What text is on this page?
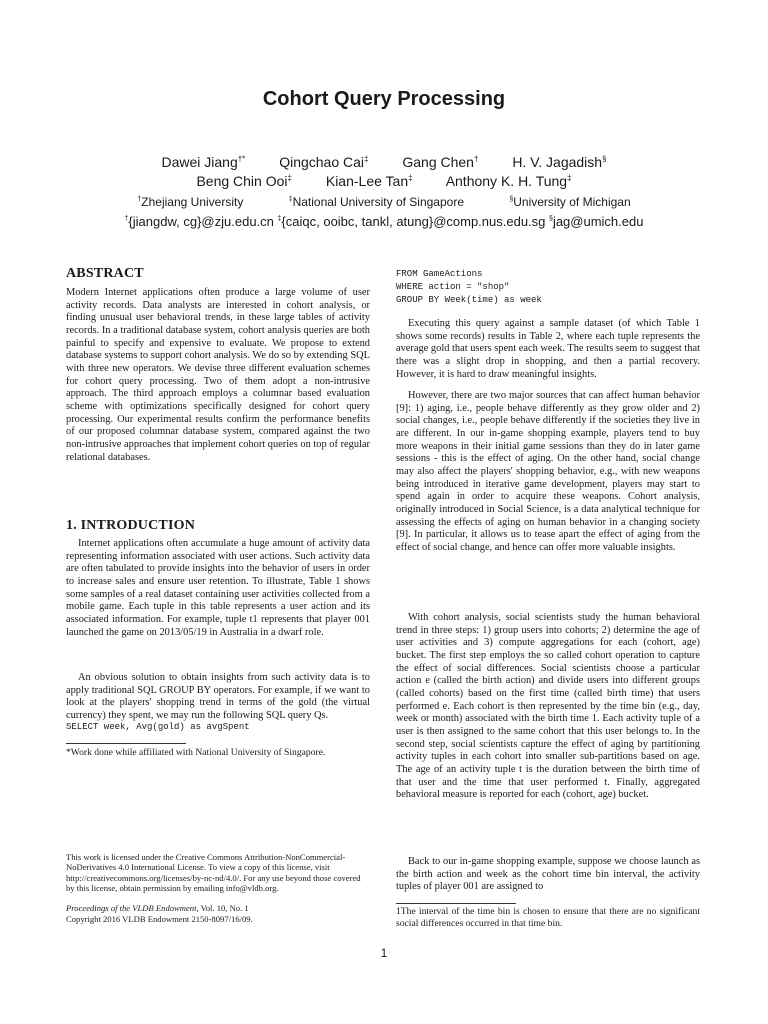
Cohort Query Processing
Dawei Jiang†* Qingchao Cai‡ Gang Chen† H. V. Jagadish§
Beng Chin Ooi‡ Kian-Lee Tan‡ Anthony K. H. Tung‡
†Zhejiang University	‡National University of Singapore	§University of Michigan
†{jiangdw, cg}@zju.edu.cn ‡{caiqc, ooibc, tankl, atung}@comp.nus.edu.sg §jag@umich.edu
ABSTRACT

Modern Internet applications often produce a large volume of user activity records. Data analysts are interested in cohort analysis, or finding unusual user behavioral trends, in these large tables of activity records. In a traditional database system, cohort analysis queries are both painful to specify and expensive to evaluate. We propose to extend database systems to support cohort analysis. We do so by extending SQL with three new operators. We devise three different evaluation schemes for cohort query processing. Two of them adopt a non-intrusive approach. The third approach employs a columnar based evaluation scheme with optimizations specifically designed for cohort query processing. Our experimental results confirm the performance benefits of our proposed columnar database system, compared against the two non-intrusive approaches that implement cohort queries on top of regular relational databases.

1. INTRODUCTION

Internet applications often accumulate a huge amount of activity data representing information associated with user actions. Such activity data are often tabulated to provide insights into the behavior of users in order to increase sales and ensure user retention. To illustrate, Table 1 shows some samples of a real dataset containing user activities collected from a mobile game. Each tuple in this table represents a user action and its associated information. For example, tuple t1 represents that player 001 launched the game on 2013/05/19 in Australia in a dwarf role.

An obvious solution to obtain insights from such activity data is to apply traditional SQL GROUP BY operators. For example, if we want to look at the players' shopping trend in terms of the gold (the virtual currency) they spent, we may run the following SQL query Qs.

SELECT week, Avg(gold) as avgSpent

*Work done while affiliated with National University of Singapore.

This work is licensed under the Creative Commons Attribution-NonCommercial-NoDerivatives 4.0 International License. To view a copy of this license, visit http://creativecommons.org/licenses/by-nc-nd/4.0/. For any use beyond those covered by this license, obtain permission by emailing info@vldb.org.

Proceedings of the VLDB Endowment, Vol. 10, No. 1

Copyright 2016 VLDB Endowment 2150-8097/16/09.

FROM GameActions
WHERE action = "shop"
GROUP BY Week(time) as week

Executing this query against a sample dataset (of which Table 1 shows some records) results in Table 2, where each tuple represents the average gold that users spent each week. The results seem to suggest that there was a slight drop in shopping, and then a partial recovery. However, it is hard to draw meaningful insights.

However, there are two major sources that can affect human behavior [9]: 1) aging, i.e., people behave differently as they grow older and 2) social changes, i.e., people behave differently if the societies they live in are different. In our in-game shopping example, players tend to buy more weapons in their initial game sessions than they do in later game sessions - this is the effect of aging. On the other hand, social change may also affect the players' shopping behavior, e.g., with new weapons being introduced in iterative game development, players may start to spend again in order to acquire these weapons. Cohort analysis, originally introduced in Social Science, is a data analytical technique for assessing the effects of aging on human behavior in a changing society [9]. In particular, it allows us to tease apart the effect of aging from the effect of social change, and hence can offer more valuable insights.

With cohort analysis, social scientists study the human behavioral trend in three steps: 1) group users into cohorts; 2) determine the age of user activities and 3) compute aggregations for each (cohort, age) bucket. The first step employs the so called cohort operation to capture the effect of social differences. Social scientists choose a particular action e (called the birth action) and divide users into different groups (called cohorts) based on the first time (called birth time) that users performed e. Each cohort is then represented by the time bin (e.g., day, week or month) associated with the birth time 1. Each activity tuple of a user is then assigned to the same cohort that this user belongs to. In the second step, social scientists capture the effect of aging by partitioning activity tuples in each cohort into smaller sub-partitions based on age. The age of an activity tuple t is the duration between the birth time of that user and the time that user performed t. Finally, aggregated behavioral measure is reported for each (cohort, age) bucket.

Back to our in-game shopping example, suppose we choose launch as the birth action and week as the cohort time bin interval, the activity tuples of player 001 are assigned to

1The interval of the time bin is chosen to ensure that there are no significant social differences occurred in that time bin.

1
